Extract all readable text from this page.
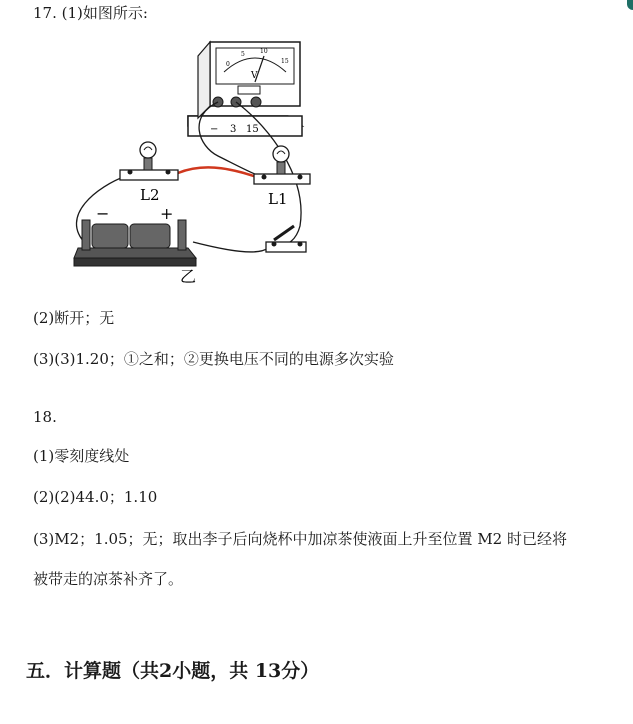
17. (1)如图所示:
0
5	10
15
V
− 3 15
L2	L1
−	+
乙
(2)断开；无
(3)(3)1.20；①之和；②更换电压不同的电源多次实验
18.
(1)零刻度线处
(2)(2)44.0；1.10
(3)M2；1.05；无；取出李子后向烧杯中加凉茶使液面上升至位置 M2 时已经将
被带走的凉茶补齐了。
五．计算题（共2小题，共 13分）
